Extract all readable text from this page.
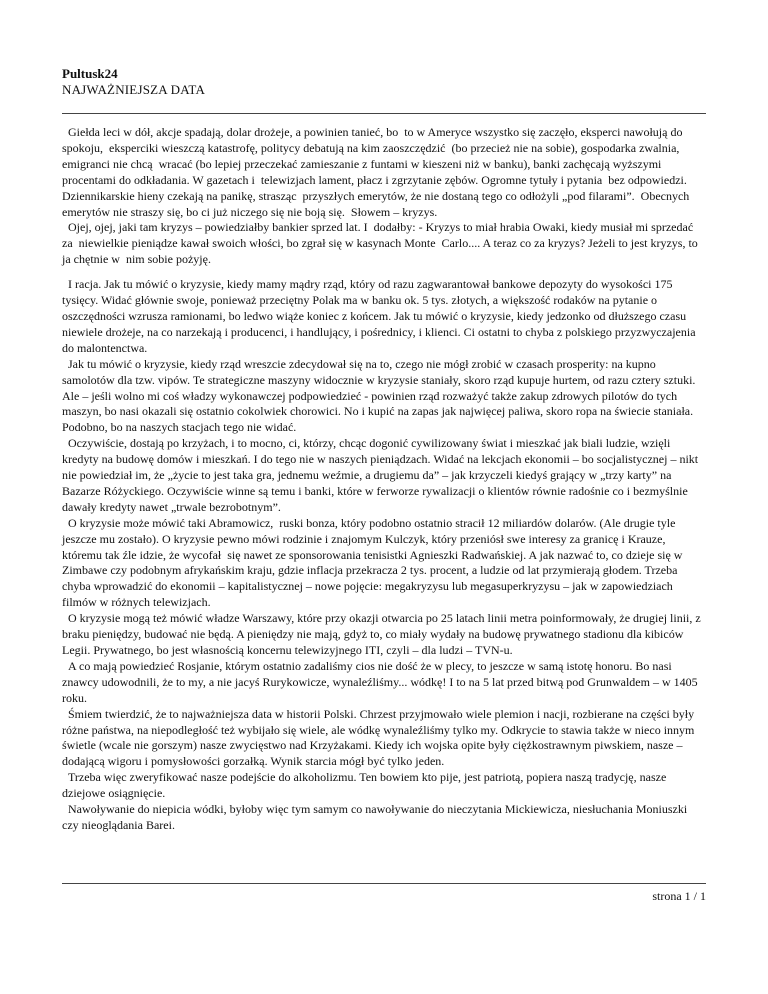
Pultusk24
NAJWAŻNIEJSZA DATA

Giełda leci w dół, akcje spadają, dolar drożeje, a powinien tanieć, bo  to w Ameryce wszystko się zaczęło, eksperci nawołują do spokoju,  eksperciki wieszczą katastrofę, politycy debatują na kim zaoszczędzić  (bo przecież nie na sobie), gospodarka zwalnia, emigranci nie chcą  wracać (bo lepiej przeczekać zamieszanie z funtami w kieszeni niż w banku), banki zachęcają wyższymi procentami do odkładania. W gazetach i  telewizjach lament, płacz i zgrzytanie zębów. Ogromne tytuły i pytania  bez odpowiedzi. Dziennikarskie hieny czekają na panikę, strasząc  przyszłych emerytów, że nie dostaną tego co odłożyli „pod filarami”.  Obecnych emerytów nie straszy się, bo ci już niczego się nie boją się.  Słowem – kryzys.

Ojej, ojej, jaki tam kryzys – powiedziałby bankier sprzed lat. I  dodałby: - Kryzys to miał hrabia Owaki, kiedy musiał mi sprzedać za  niewielkie pieniądze kawał swoich włości, bo zgrał się w kasynach Monte  Carlo.... A teraz co za kryzys? Jeżeli to jest kryzys, to ja chętnie w  nim sobie pożyję.

I racja. Jak tu mówić o kryzysie, kiedy mamy mądry rząd, który od razu zagwarantował bankowe depozyty do wysokości 175 tysięcy. Widać głównie swoje, ponieważ przeciętny Polak ma w banku ok. 5 tys. złotych, a większość rodaków na pytanie o oszczędności wzrusza ramionami, bo ledwo wiąże koniec z końcem. Jak tu mówić o kryzysie, kiedy jedzonko od dłuższego czasu niewiele drożeje, na co narzekają i producenci, i handlujący, i pośrednicy, i klienci. Ci ostatni to chyba z polskiego przyzwyczajenia do malontenctwa.

Jak tu mówić o kryzysie, kiedy rząd wreszcie zdecydował się na to, czego nie mógł zrobić w czasach prosperity: na kupno samolotów dla tzw. vipów. Te strategiczne maszyny widocznie w kryzysie staniały, skoro rząd kupuje hurtem, od razu cztery sztuki. Ale – jeśli wolno mi coś władzy wykonawczej podpowiedzieć - powinien rząd rozważyć także zakup zdrowych pilotów do tych maszyn, bo nasi okazali się ostatnio cokolwiek chorowici. No i kupić na zapas jak najwięcej paliwa, skoro ropa na świecie staniała. Podobno, bo na naszych stacjach tego nie widać.

Oczywiście, dostają po krzyżach, i to mocno, ci, którzy, chcąc dogonić cywilizowany świat i mieszkać jak biali ludzie, wzięli kredyty na budowę domów i mieszkań. I do tego nie w naszych pieniądzach. Widać na lekcjach ekonomii – bo socjalistycznej – nikt nie powiedział im, że „życie to jest taka gra, jednemu weźmie, a drugiemu da” – jak krzyczeli kiedyś grający w „trzy karty” na Bazarze Różyckiego. Oczywiście winne są temu i banki, które w ferworze rywalizacji o klientów równie radośnie co i bezmyślnie dawały kredyty nawet „trwale bezrobotnym”.

O kryzysie może mówić taki Abramowicz,  ruski bonza, który podobno ostatnio stracił 12 miliardów dolarów. (Ale drugie tyle jeszcze mu zostało). O kryzysie pewno mówi rodzinie i znajomym Kulczyk, który przeniósł swe interesy za granicę i Krauze, któremu tak źle idzie, że wycofał  się nawet ze sponsorowania tenisistki Agnieszki Radwańskiej. A jak nazwać to, co dzieje się w Zimbawe czy podobnym afrykańskim kraju, gdzie inflacja przekracza 2 tys. procent, a ludzie od lat przymierają głodem. Trzeba chyba wprowadzić do ekonomii – kapitalistycznej – nowe pojęcie: megakryzysu lub megasuperkryzysu – jak w zapowiedziach filmów w różnych telewizjach.

O kryzysie mogą też mówić władze Warszawy, które przy okazji otwarcia po 25 latach linii metra poinformowały, że drugiej linii, z braku pieniędzy, budować nie będą. A pieniędzy nie mają, gdyż to, co miały wydały na budowę prywatnego stadionu dla kibiców Legii. Prywatnego, bo jest własnością koncernu telewizyjnego ITI, czyli – dla ludzi – TVN-u.

A co mają powiedzieć Rosjanie, którym ostatnio zadaliśmy cios nie dość że w plecy, to jeszcze w samą istotę honoru. Bo nasi znawcy udowodnili, że to my, a nie jacyś Rurykowicze, wynaleźliśmy... wódkę! I to na 5 lat przed bitwą pod Grunwaldem – w 1405 roku.

Śmiem twierdzić, że to najważniejsza data w historii Polski. Chrzest przyjmowało wiele plemion i nacji, rozbierane na części były różne państwa, na niepodległość też wybijało się wiele, ale wódkę wynaleźliśmy tylko my. Odkrycie to stawia także w nieco innym świetle (wcale nie gorszym) nasze zwycięstwo nad Krzyżakami. Kiedy ich wojska opite były ciężkostrawnym piwskiem, nasze – dodającą wigoru i pomysłowości gorzałką. Wynik starcia mógł być tylko jeden.

Trzeba więc zweryfikować nasze podejście do alkoholizmu. Ten bowiem kto pije, jest patriotą, popiera naszą tradycję, nasze dziejowe osiągnięcie.

Nawoływanie do niepicia wódki, byłoby więc tym samym co nawoływanie do nieczytania Mickiewicza, niesłuchania Moniuszki czy nieoglądania Barei.

strona 1 / 1
